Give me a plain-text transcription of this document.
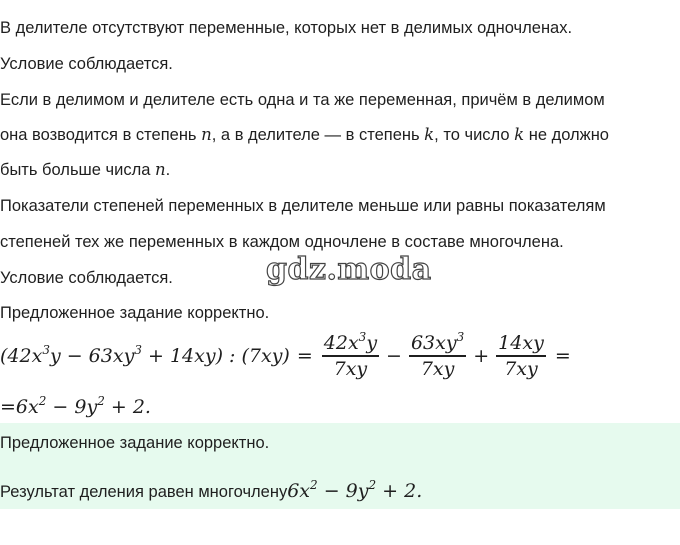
В делителе отсутствуют переменные, которых нет в делимых одночленах.
Условие соблюдается.
Если в делимом и делителе есть одна и та же переменная, причём в делимом
она возводится в степень n, а в делителе — в степень k, то число k не должно
быть больше числа n.
Показатели степеней переменных в делителе меньше или равны показателям
степеней тех же переменных в каждом одночлене в составе многочлена.
Условие соблюдается.
Предложенное задание корректно.
gdz.moda
$(42x^3y - 63xy^3 + 14xy)$ : $(7xy) = \frac{42x^3y}{7xy} - \frac{63xy^3}{7xy} + \frac{14xy}{7xy}$ =
= $6x^2 - 9y^2 + 2$.
Предложенное задание корректно.
Результат деления равен многочлену $6x^2 - 9y^2 + 2$.
